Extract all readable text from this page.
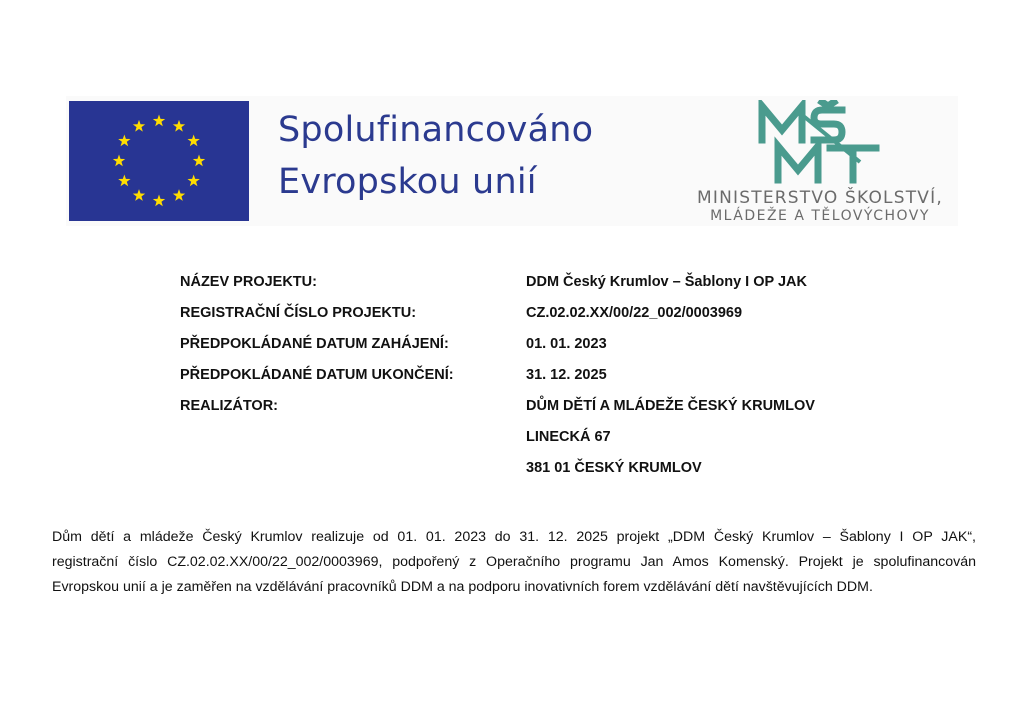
Spolufinancováno
Evropskou unií	MINISTERSTVO ŠKOLSTVÍ,
MLÁDEŽE A TĚLOVÝCHOVY
NÁZEV PROJEKTU:	DDM Český Krumlov – Šablony I OP JAK
REGISTRAČNÍ ČÍSLO PROJEKTU:	CZ.02.02.XX/00/22_002/0003969
PŘEDPOKLÁDANÉ DATUM ZAHÁJENÍ:	01. 01. 2023
PŘEDPOKLÁDANÉ DATUM UKONČENÍ:	31. 12. 2025
REALIZÁTOR:	DŮM DĚTÍ A MLÁDEŽE ČESKÝ KRUMLOV
LINECKÁ 67
381 01 ČESKÝ KRUMLOV
Dům dětí a mládeže Český Krumlov realizuje od 01. 01. 2023 do 31. 12. 2025 projekt „DDM Český Krumlov – Šablony I OP JAK“,
registrační číslo CZ.02.02.XX/00/22_002/0003969, podpořený z Operačního programu Jan Amos Komenský. Projekt je spolufinancován
Evropskou unií a je zaměřen na vzdělávání pracovníků DDM a na podporu inovativních forem vzdělávání dětí navštěvujících DDM.
